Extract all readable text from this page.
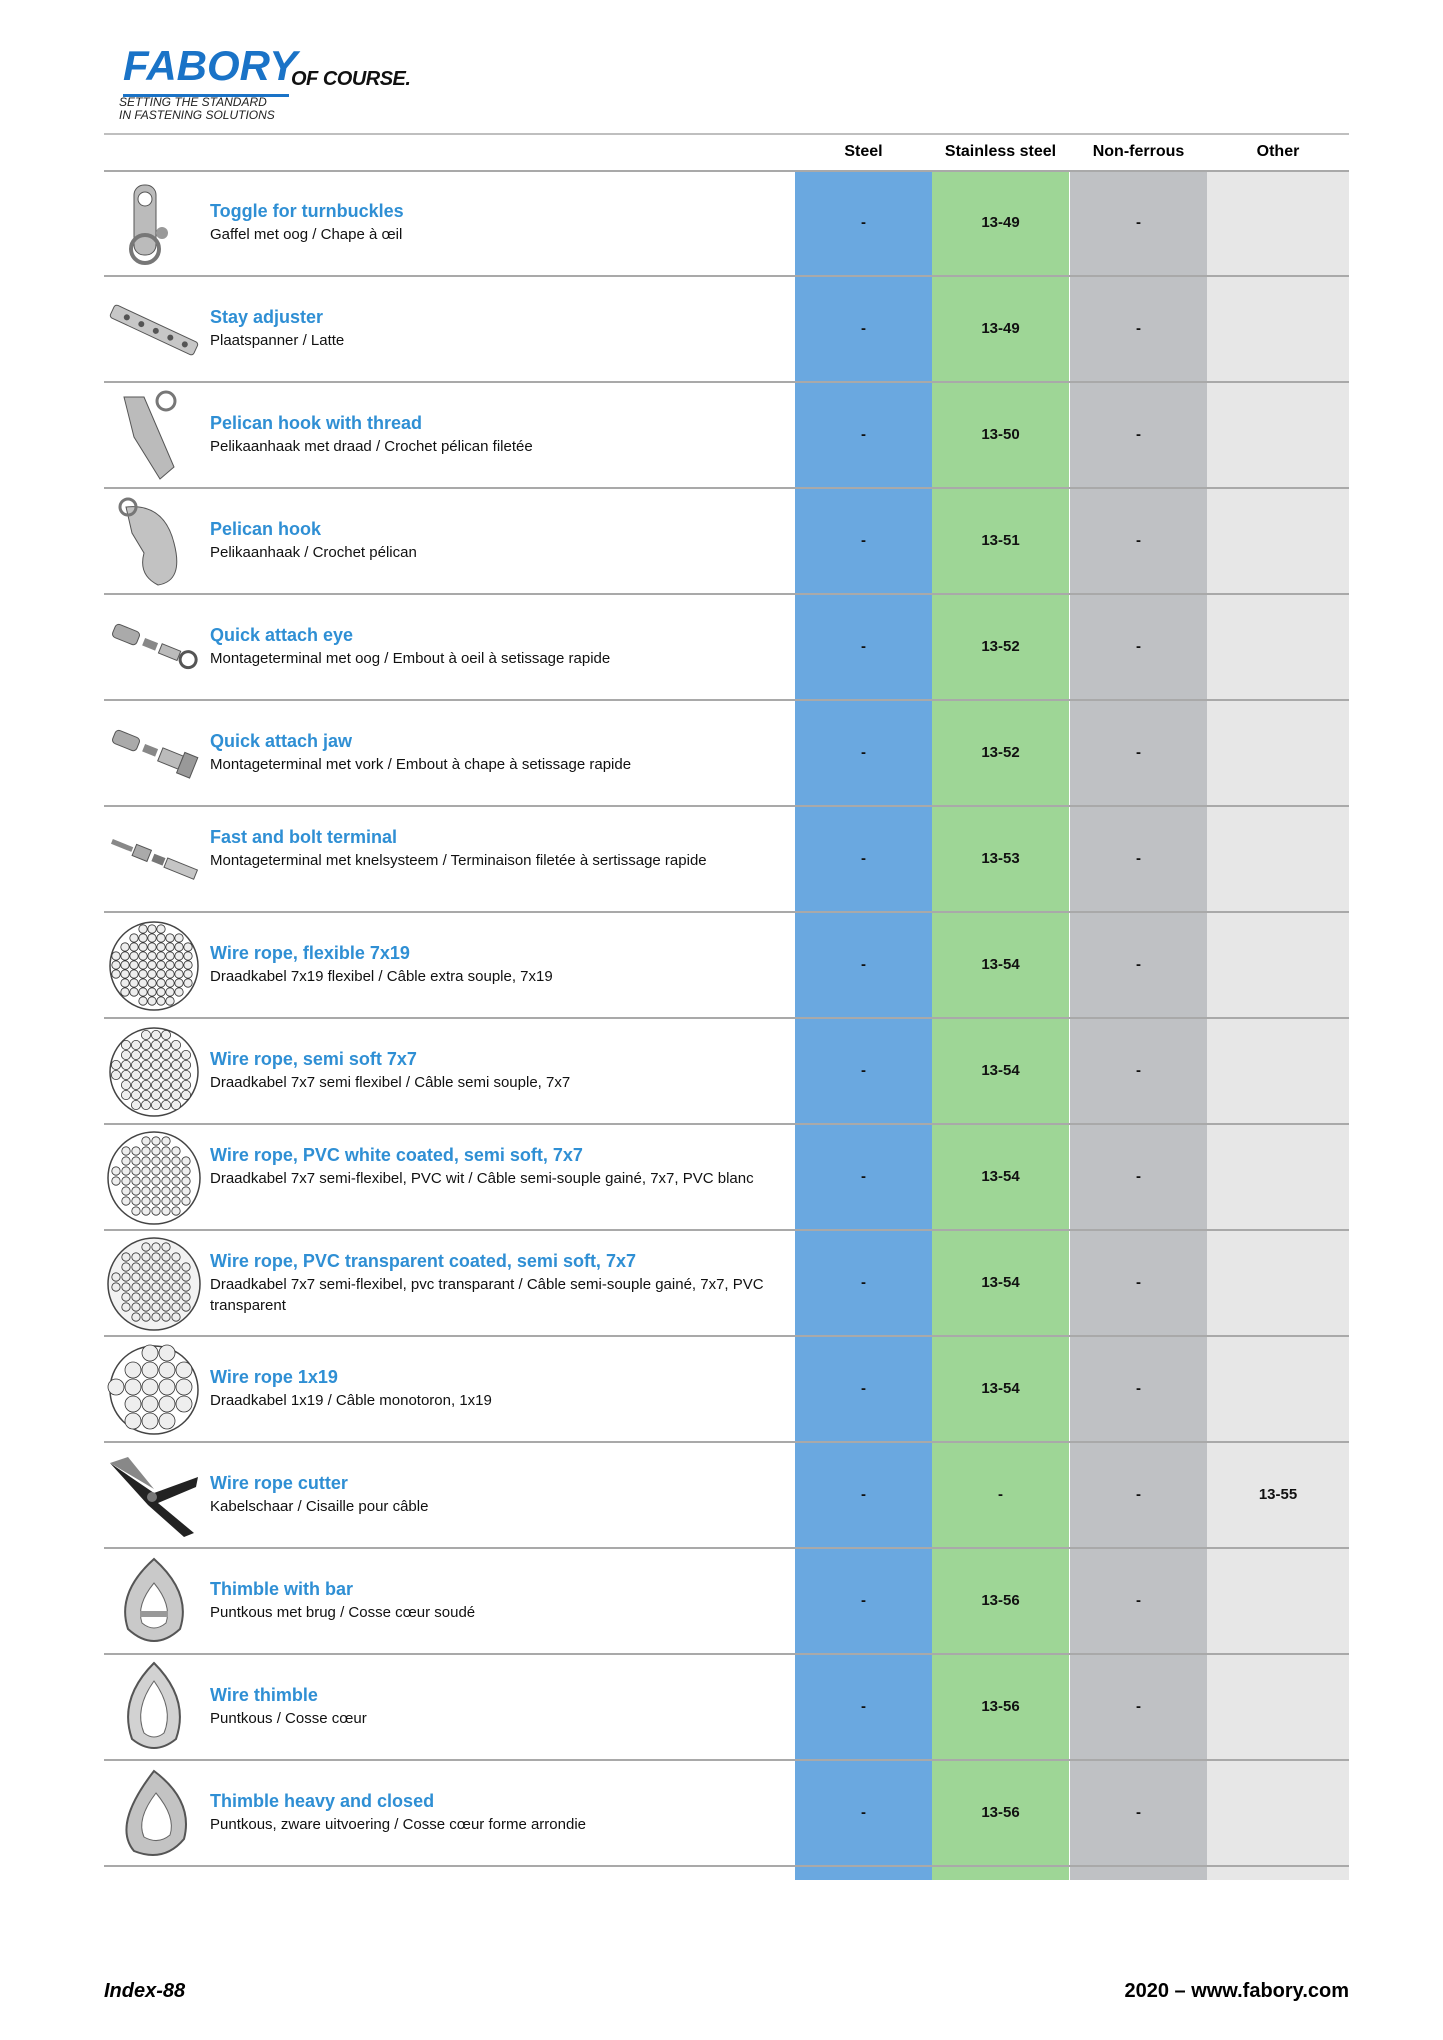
FABORY
OF COURSE.
SETTING THE STANDARD
IN FASTENING SOLUTIONS
Steel	Stainless steel	Non-ferrous	Other
Toggle for turnbuckles
Gaffel met oog / Chape à œil
-	13-49	-
Stay adjuster
Plaatspanner / Latte
-	13-49	-
Pelican hook with thread
Pelikaanhaak met draad / Crochet pélican filetée
-	13-50	-
Pelican hook
Pelikaanhaak / Crochet pélican
-	13-51	-
Quick attach eye
Montageterminal met oog / Embout à oeil à setissage rapide
-	13-52	-
Quick attach jaw
Montageterminal met vork / Embout à chape à setissage rapide
-	13-52	-
Fast and bolt terminal
Montageterminal met knelsysteem / Terminaison filetée à sertissage rapide	-	13-53	-
Wire rope, flexible 7x19
Draadkabel 7x19 flexibel / Câble extra souple, 7x19
-	13-54	-
Wire rope, semi soft 7x7
Draadkabel 7x7 semi flexibel / Câble semi souple, 7x7
-	13-54	-
Wire rope, PVC white coated, semi soft, 7x7
Draadkabel 7x7 semi-flexibel, PVC wit / Câble semi-souple gainé, 7x7, PVC blanc	-	13-54	-
Wire rope, PVC transparent coated, semi soft, 7x7
Draadkabel 7x7 semi-flexibel, pvc transparant / Câble semi-souple gainé, 7x7, PVC transparent
-	13-54	-
Wire rope 1x19
Draadkabel 1x19 / Câble monotoron, 1x19
-	13-54	-
Wire rope cutter
Kabelschaar / Cisaille pour câble
-	-	-	13-55
Thimble with bar
Puntkous met brug / Cosse cœur soudé
-	13-56	-
Wire thimble
Puntkous / Cosse cœur
-	13-56	-
Thimble heavy and closed
Puntkous, zware uitvoering / Cosse cœur forme arrondie
-	13-56	-
Index-88	2020 – www.fabory.com
